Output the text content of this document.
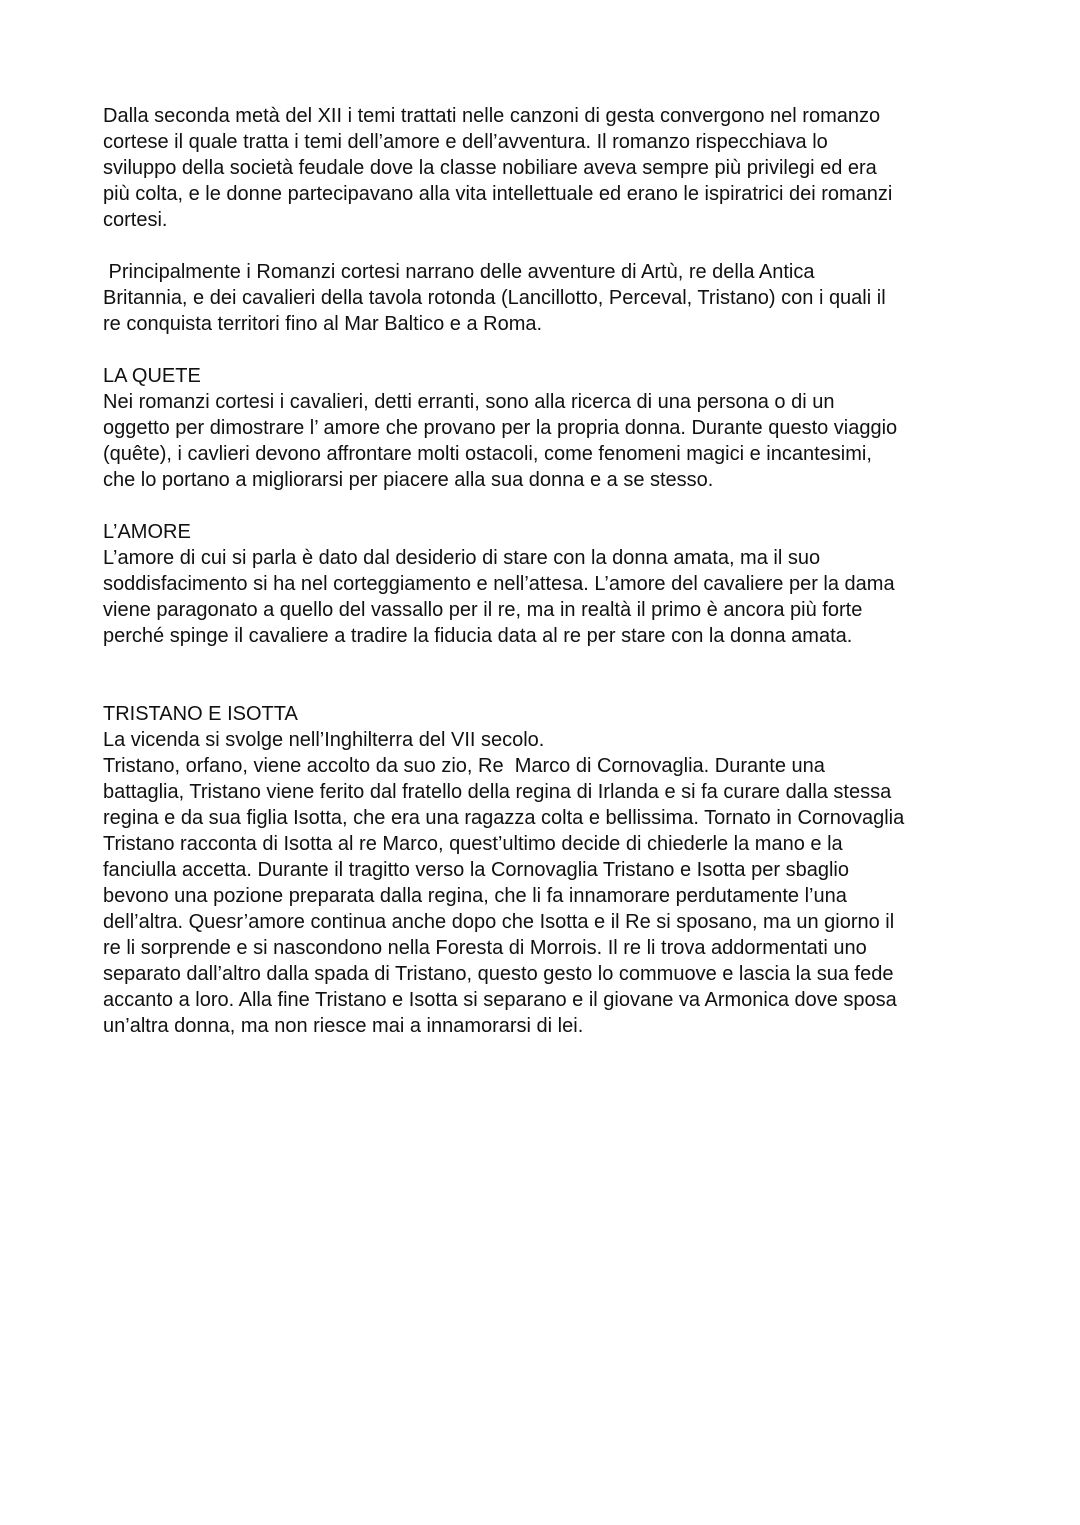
Dalla seconda metà del XII i temi trattati nelle canzoni di gesta convergono nel romanzo
cortese il quale tratta i temi dell’amore e dell’avventura. Il romanzo rispecchiava lo
sviluppo della società feudale dove la classe nobiliare aveva sempre più privilegi ed era
più colta, e le donne partecipavano alla vita intellettuale ed erano le ispiratrici dei romanzi
cortesi.
Principalmente i Romanzi cortesi narrano delle avventure di Artù, re della Antica
Britannia, e dei cavalieri della tavola rotonda (Lancillotto, Perceval, Tristano) con i quali il
re conquista territori fino al Mar Baltico e a Roma.
LA QUETE
Nei romanzi cortesi i cavalieri, detti erranti, sono alla ricerca di una persona o di un
oggetto per dimostrare l’ amore che provano per la propria donna. Durante questo viaggio
(quête), i cavlieri devono affrontare molti ostacoli, come fenomeni magici e incantesimi,
che lo portano a migliorarsi per piacere alla sua donna e a se stesso.
L’AMORE
L’amore di cui si parla è dato dal desiderio di stare con la donna amata, ma il suo
soddisfacimento si ha nel corteggiamento e nell’attesa. L’amore del cavaliere per la dama
viene paragonato a quello del vassallo per il re, ma in realtà il primo è ancora più forte
perché spinge il cavaliere a tradire la fiducia data al re per stare con la donna amata.
TRISTANO E ISOTTA
La vicenda si svolge nell’Inghilterra del VII secolo.
Tristano, orfano, viene accolto da suo zio, Re  Marco di Cornovaglia. Durante una
battaglia, Tristano viene ferito dal fratello della regina di Irlanda e si fa curare dalla stessa
regina e da sua figlia Isotta, che era una ragazza colta e bellissima. Tornato in Cornovaglia
Tristano racconta di Isotta al re Marco, quest’ultimo decide di chiederle la mano e la
fanciulla accetta. Durante il tragitto verso la Cornovaglia Tristano e Isotta per sbaglio
bevono una pozione preparata dalla regina, che li fa innamorare perdutamente l’una
dell’altra. Quesr’amore continua anche dopo che Isotta e il Re si sposano, ma un giorno il
re li sorprende e si nascondono nella Foresta di Morrois. Il re li trova addormentati uno
separato dall’altro dalla spada di Tristano, questo gesto lo commuove e lascia la sua fede
accanto a loro. Alla fine Tristano e Isotta si separano e il giovane va Armonica dove sposa
un’altra donna, ma non riesce mai a innamorarsi di lei.
